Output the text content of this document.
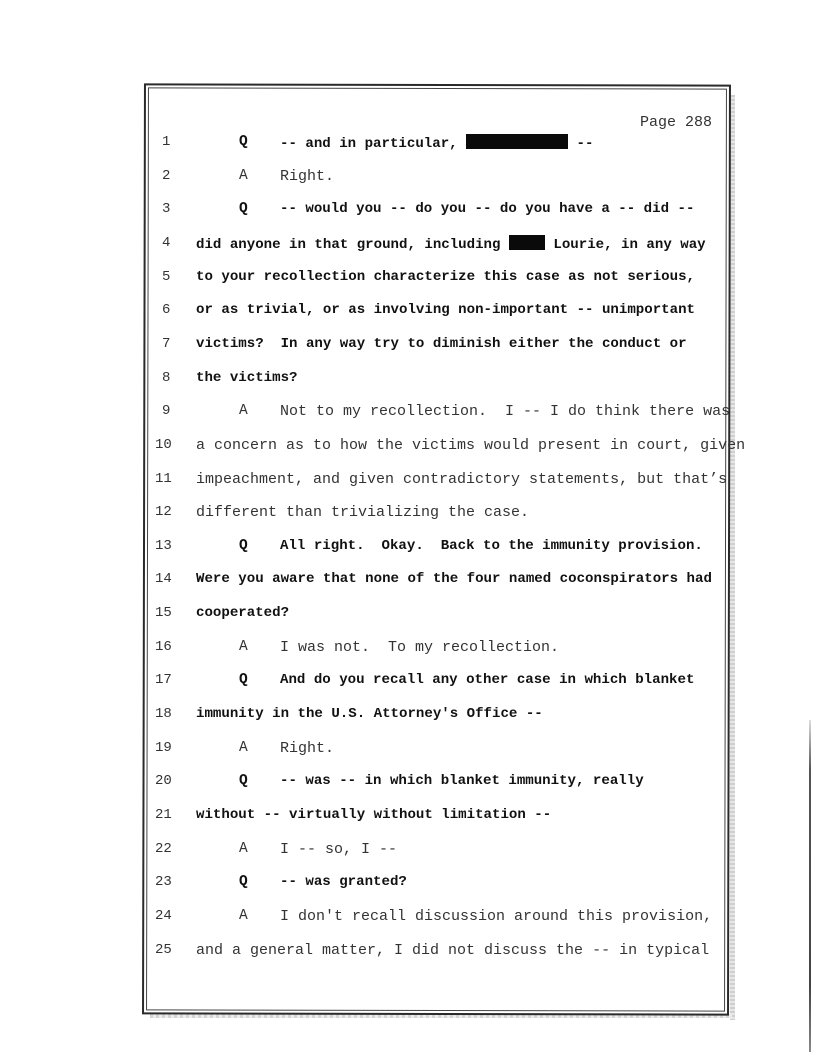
Page 288
1	Q -- and in particular,	--
2	A Right.
3	Q -- would you -- do you -- do you have a -- did --
4 did anyone in that ground, including	Lourie, in any way
5 to your recollection characterize this case as not serious,
6 or as trivial, or as involving non-important -- unimportant
7 victims?  In any way try to diminish either the conduct or
8 the victims?
9	A Not to my recollection.  I -- I do think there was
10 a concern as to how the victims would present in court, given
11 impeachment, and given contradictory statements, but that’s
12 different than trivializing the case.
13	Q All right.  Okay.  Back to the immunity provision.
14 Were you aware that none of the four named coconspirators had
15 cooperated?
16	A I was not.  To my recollection.
17	Q And do you recall any other case in which blanket
18 immunity in the U.S. Attorney's Office --
19	A Right.
20	Q -- was -- in which blanket immunity, really
21 without -- virtually without limitation --
22	A I -- so, I --
23	Q -- was granted?
24	A I don't recall discussion around this provision,
25 and a general matter, I did not discuss the -- in typical
